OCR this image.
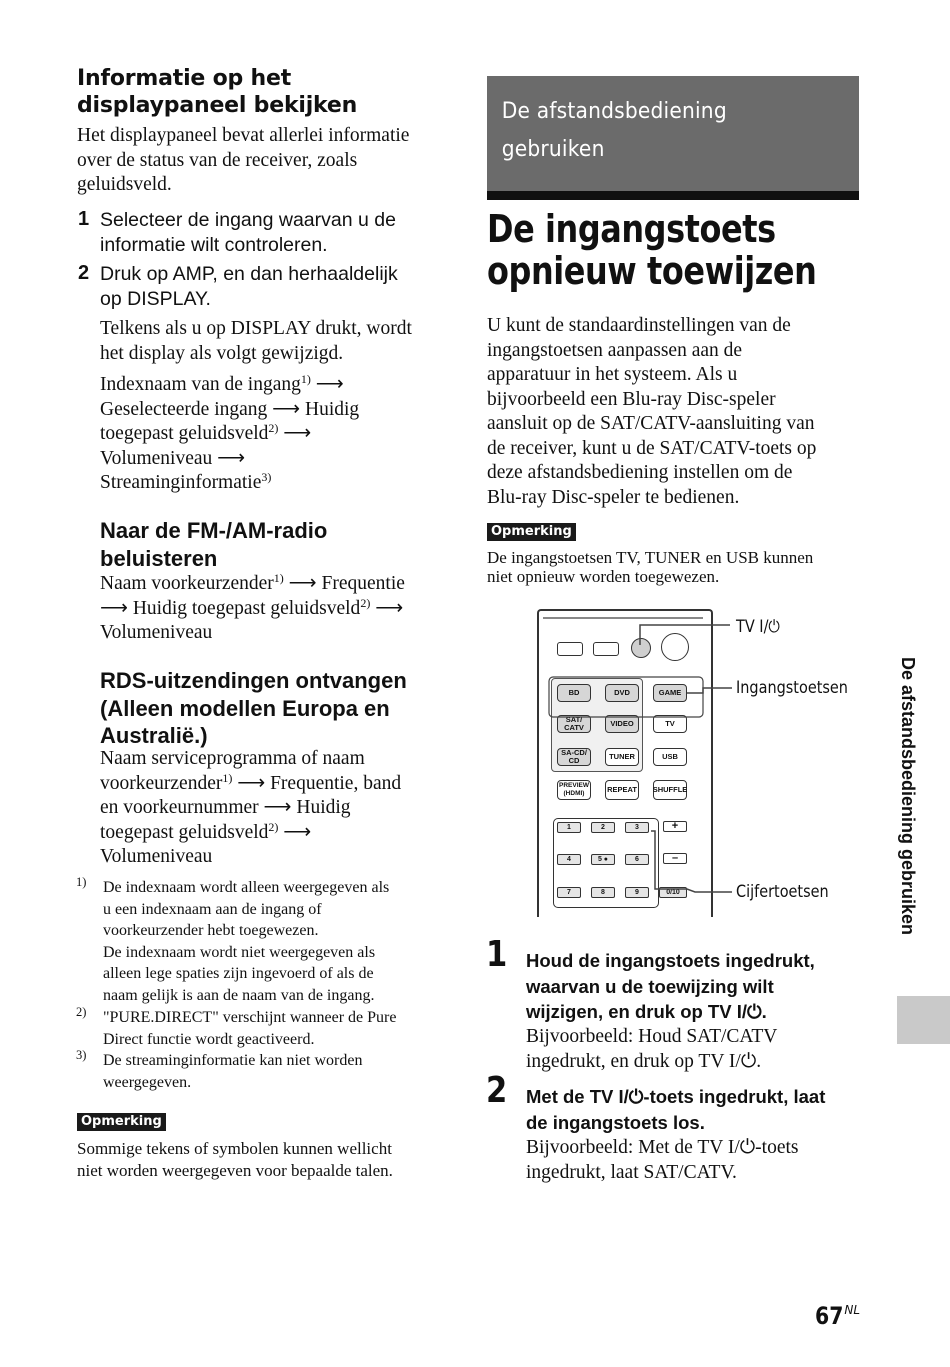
Informatie op het
displaypaneel bekijken
Het displaypaneel bevat allerlei informatie
over de status van de receiver, zoals
geluidsveld.
1 Selecteer de ingang waarvan u de
informatie wilt controleren.
2 Druk op AMP, en dan herhaaldelijk
op DISPLAY.
Telkens als u op DISPLAY drukt, wordt
het display als volgt gewijzigd.
Indexnaam van de ingang$^{1)}$ ⟶
Geselecteerde ingang ⟶ Huidig
toegepast geluidsveld$^{2)}$ ⟶
Volumeniveau ⟶
Streaminginformatie$^{3)}$
Naar de FM-/AM-radio
beluisteren
Naam voorkeurzender$^{1)}$ ⟶ Frequentie
⟶ Huidig toegepast geluidsveld$^{2)}$ ⟶
Volumeniveau
RDS-uitzendingen ontvangen
(Alleen modellen Europa en
Australië.)
Naam serviceprogramma of naam
voorkeurzender$^{1)}$ ⟶ Frequentie, band
en voorkeurnummer ⟶ Huidig
toegepast geluidsveld$^{2)}$ ⟶
Volumeniveau
1) De indexnaam wordt alleen weergegeven als
u een indexnaam aan de ingang of
voorkeurzender hebt toegewezen.
De indexnaam wordt niet weergegeven als
alleen lege spaties zijn ingevoerd of als de
naam gelijk is aan de naam van de ingang.
2) "PURE.DIRECT" verschijnt wanneer de Pure
Direct functie wordt geactiveerd.
3) De streaminginformatie kan niet worden
weergegeven.
Opmerking
Sommige tekens of symbolen kunnen wellicht
niet worden weergegeven voor bepaalde talen.
De afstandsbediening
gebruiken
De ingangstoets
opnieuw toewijzen
U kunt de standaardinstellingen van de
ingangstoetsen aanpassen aan de
apparatuur in het systeem. Als u
bijvoorbeeld een Blu-ray Disc-speler
aansluit op de SAT/CATV-aansluiting van
de receiver, kunt u de SAT/CATV-toets op
deze afstandsbediening instellen om de
Blu-ray Disc-speler te bedienen.
Opmerking
De ingangstoetsen TV, TUNER en USB kunnen
niet opnieuw worden toegewezen.
BD	DVD	GAME
SAT/
CATV	VIDEO	TV
SA-CD/
CD	TUNER	USB
PREVIEW
(HDMI)	REPEAT SHUFFLE
1	2	3	+
4	5 ●	6	–
7	8	9	0/10
TV I/⏻
Ingangstoetsen
Cijfertoetsen
1 Houd de ingangstoets ingedrukt,
waarvan u de toewijzing wilt
wijzigen, en druk op TV I/⏻.
Bijvoorbeeld: Houd SAT/CATV
ingedrukt, en druk op TV I/⏻.
2 Met de TV I/⏻-toets ingedrukt, laat
de ingangstoets los.
Bijvoorbeeld: Met de TV I/⏻-toets
ingedrukt, laat SAT/CATV.
De afstandsbediening gebruiken
$67^{NL}$
